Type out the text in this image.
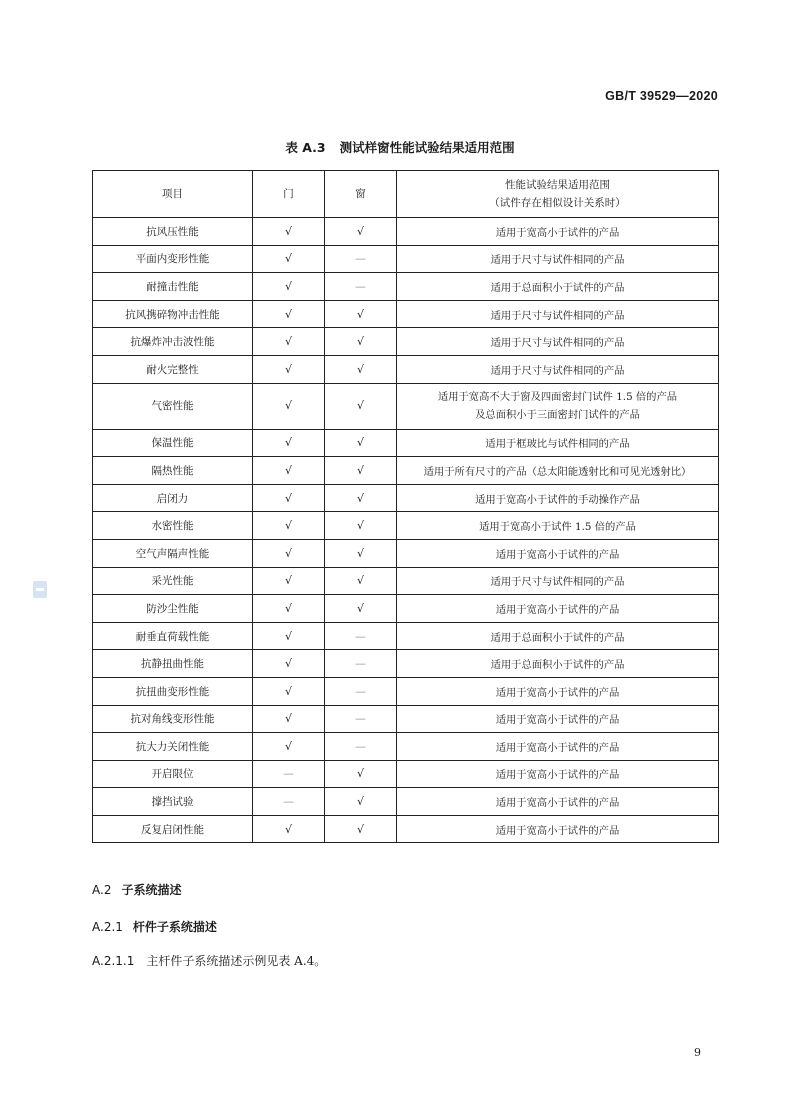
GB/T 39529—2020
表 A.3 测试样窗性能试验结果适用范围
项目	门	窗	性能试验结果适用范围
（试件存在相似设计关系时）

抗风压性能	√	√	适用于宽高小于试件的产品

平面内变形性能	√	—	适用于尺寸与试件相同的产品

耐撞击性能	√	—	适用于总面积小于试件的产品

抗风携碎物冲击性能	√	√	适用于尺寸与试件相同的产品

抗爆炸冲击波性能	√	√	适用于尺寸与试件相同的产品

耐火完整性	√	√	适用于尺寸与试件相同的产品

气密性能	√	√	适用于宽高不大于窗及四面密封门试件 1.5 倍的产品
及总面积小于三面密封门试件的产品

保温性能	√	√	适用于框玻比与试件相同的产品

隔热性能	√	√	适用于所有尺寸的产品（总太阳能透射比和可见光透射比）

启闭力	√	√	适用于宽高小于试件的手动操作产品

水密性能	√	√	适用于宽高小于试件 1.5 倍的产品

空气声隔声性能	√	√	适用于宽高小于试件的产品

采光性能	√	√	适用于尺寸与试件相同的产品

防沙尘性能	√	√	适用于宽高小于试件的产品

耐垂直荷载性能	√	—	适用于总面积小于试件的产品

抗静扭曲性能	√	—	适用于总面积小于试件的产品

抗扭曲变形性能	√	—	适用于宽高小于试件的产品

抗对角线变形性能	√	—	适用于宽高小于试件的产品

抗大力关闭性能	√	—	适用于宽高小于试件的产品

开启限位	—	√	适用于宽高小于试件的产品

撑挡试验	—	√	适用于宽高小于试件的产品

反复启闭性能	√	√	适用于宽高小于试件的产品
A.2 子系统描述
A.2.1 杆件子系统描述
A.2.1.1 主杆件子系统描述示例见表 A.4。
9
